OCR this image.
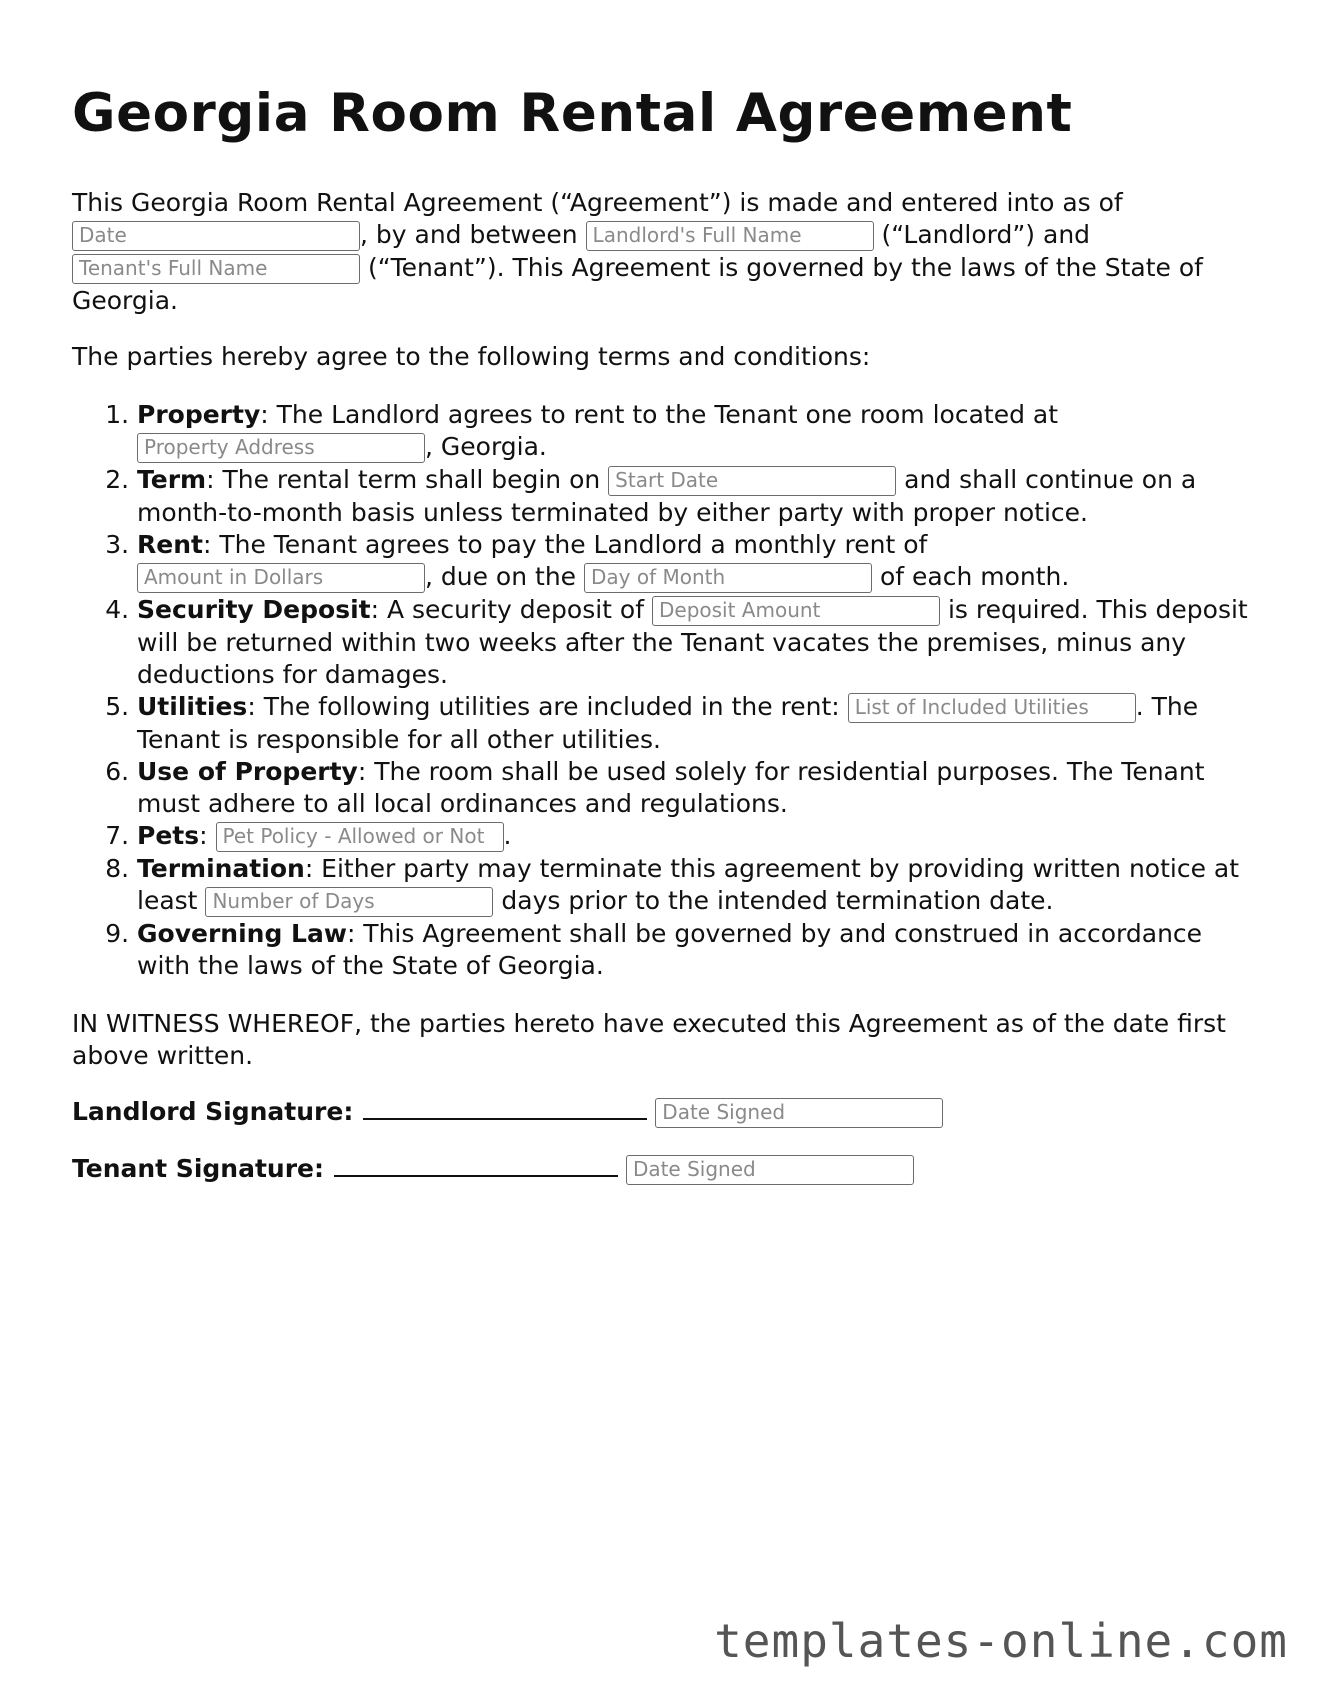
Georgia Room Rental Agreement

This Georgia Room Rental Agreement (“Agreement”) is made and entered into as of
Date	, by and between Landlord's Full Name	(“Landlord”) and
Tenant's Full Name	(“Tenant”). This Agreement is governed by the laws of the State of Georgia.

The parties hereby agree to the following terms and conditions:

1. Property: The Landlord agrees to rent to the Tenant one room located at
Property Address	, Georgia.
2. Term: The rental term shall begin on Start Date	and shall continue on a month-to-month basis unless terminated by either party with proper notice.
3. Rent: The Tenant agrees to pay the Landlord a monthly rent of
Amount in Dollars	, due on the Day of Month	of each month.
4. Security Deposit: A security deposit of Deposit Amount	is required. This deposit will be returned within two weeks after the Tenant vacates the premises, minus any deductions for damages.
5. Utilities: The following utilities are included in the rent: List of Included Utilities . The Tenant is responsible for all other utilities.
6. Use of Property: The room shall be used solely for residential purposes. The Tenant must adhere to all local ordinances and regulations.
7. Pets: Pet Policy - Allowed or Not .
8. Termination: Either party may terminate this agreement by providing written notice at least Number of Days	days prior to the intended termination date.
9. Governing Law: This Agreement shall be governed by and construed in accordance with the laws of the State of Georgia.

IN WITNESS WHEREOF, the parties hereto have executed this Agreement as of the date first above written.

Landlord Signature:	Date Signed
Tenant Signature:	Date Signed
templates-online.com
